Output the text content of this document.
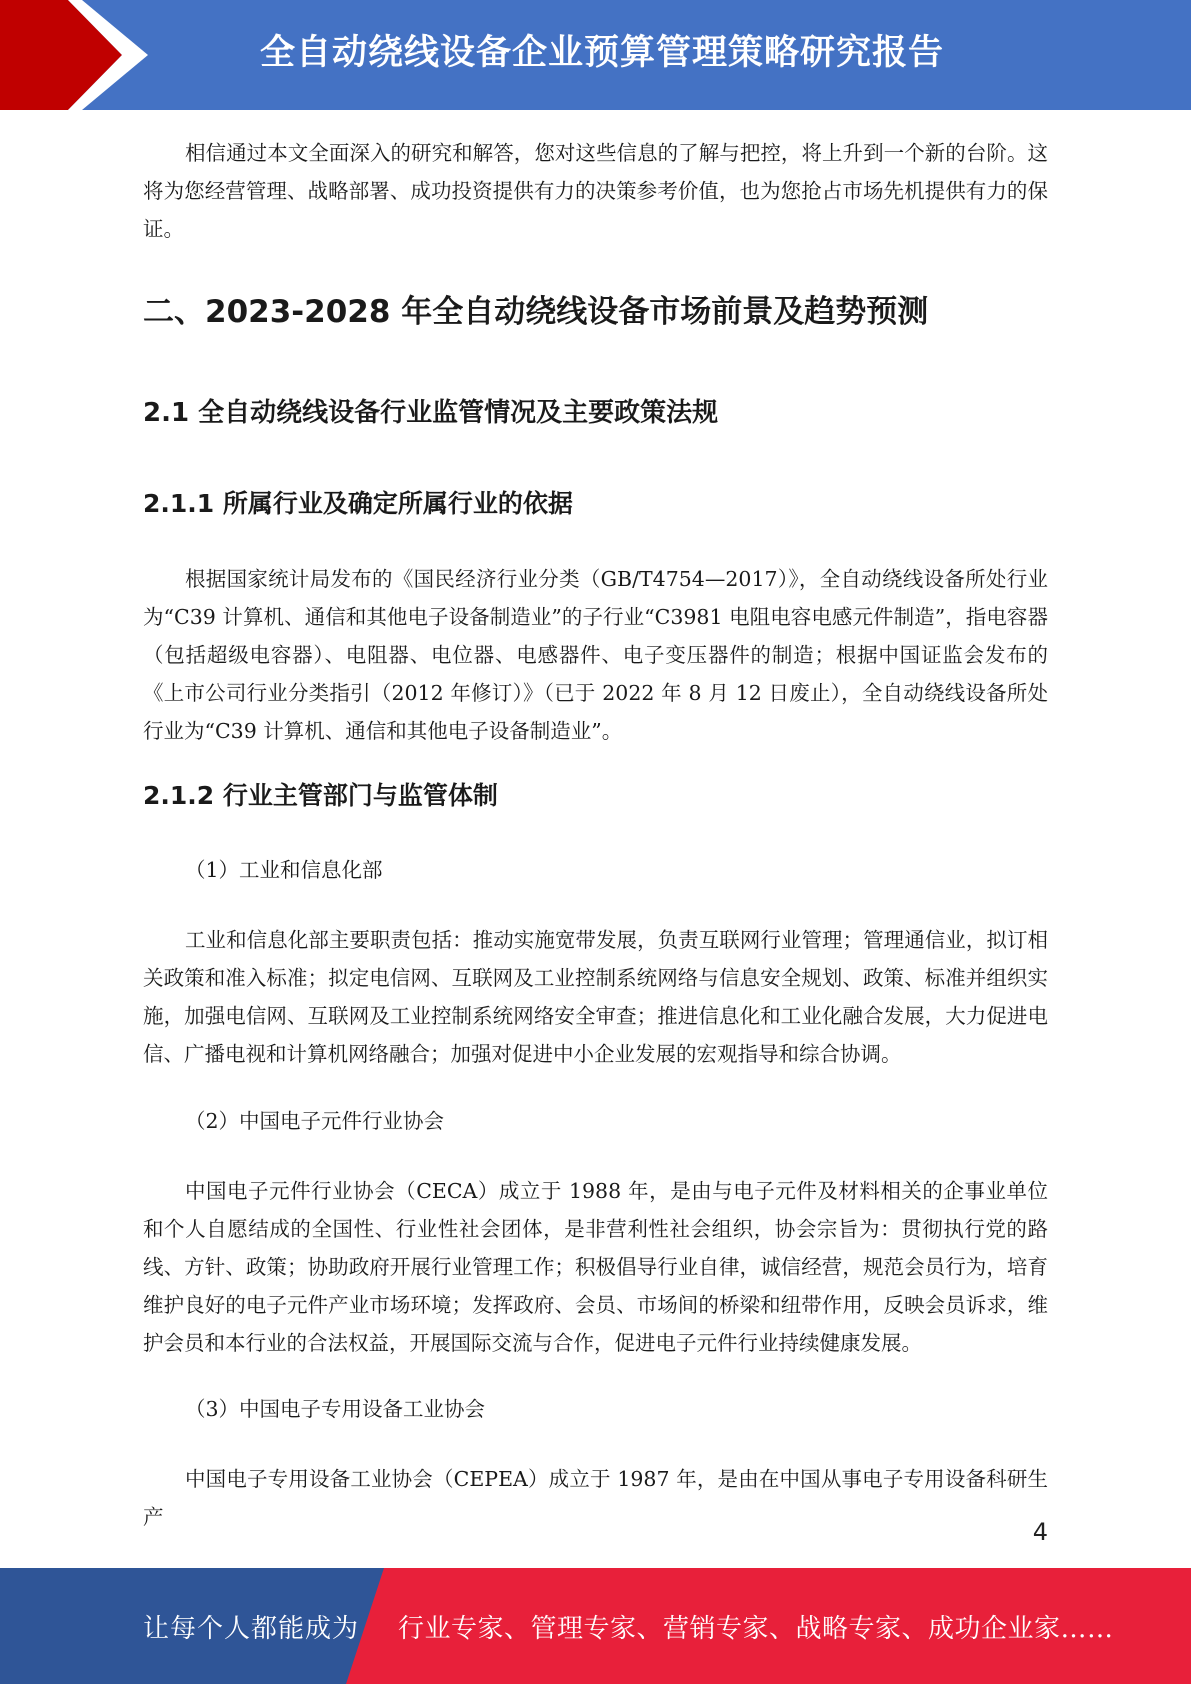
全自动绕线设备企业预算管理策略研究报告

相信通过本文全面深入的研究和解答，您对这些信息的了解与把控，将上升到一个新的台阶。这将为您经营管理、战略部署、成功投资提供有力的决策参考价值，也为您抢占市场先机提供有力的保证。

二、2023-2028 年全自动绕线设备市场前景及趋势预测
2.1 全自动绕线设备行业监管情况及主要政策法规
2.1.1 所属行业及确定所属行业的依据

根据国家统计局发布的《国民经济行业分类（GB/T4754—2017）》，全自动绕线设备所处行业为“C39 计算机、通信和其他电子设备制造业”的子行业“C3981 电阻电容电感元件制造”，指电容器（包括超级电容器）、电阻器、电位器、电感器件、电子变压器件的制造；根据中国证监会发布的《上市公司行业分类指引（2012 年修订）》（已于 2022 年 8 月 12 日废止），全自动绕线设备所处行业为“C39 计算机、通信和其他电子设备制造业”。

2.1.2 行业主管部门与监管体制

（1）工业和信息化部

工业和信息化部主要职责包括：推动实施宽带发展，负责互联网行业管理；管理通信业，拟订相关政策和准入标准；拟定电信网、互联网及工业控制系统网络与信息安全规划、政策、标准并组织实施，加强电信网、互联网及工业控制系统网络安全审查；推进信息化和工业化融合发展，大力促进电信、广播电视和计算机网络融合；加强对促进中小企业发展的宏观指导和综合协调。

（2）中国电子元件行业协会

中国电子元件行业协会（CECA）成立于 1988 年，是由与电子元件及材料相关的企事业单位和个人自愿结成的全国性、行业性社会团体，是非营利性社会组织，协会宗旨为：贯彻执行党的路线、方针、政策；协助政府开展行业管理工作；积极倡导行业自律，诚信经营，规范会员行为，培育维护良好的电子元件产业市场环境；发挥政府、会员、市场间的桥梁和纽带作用，反映会员诉求，维护会员和本行业的合法权益，开展国际交流与合作，促进电子元件行业持续健康发展。

（3）中国电子专用设备工业协会

中国电子专用设备工业协会（CEPEA）成立于 1987 年，是由在中国从事电子专用设备科研生产

4
让每个人都能成为 行业专家、管理专家、营销专家、战略专家、成功企业家……
